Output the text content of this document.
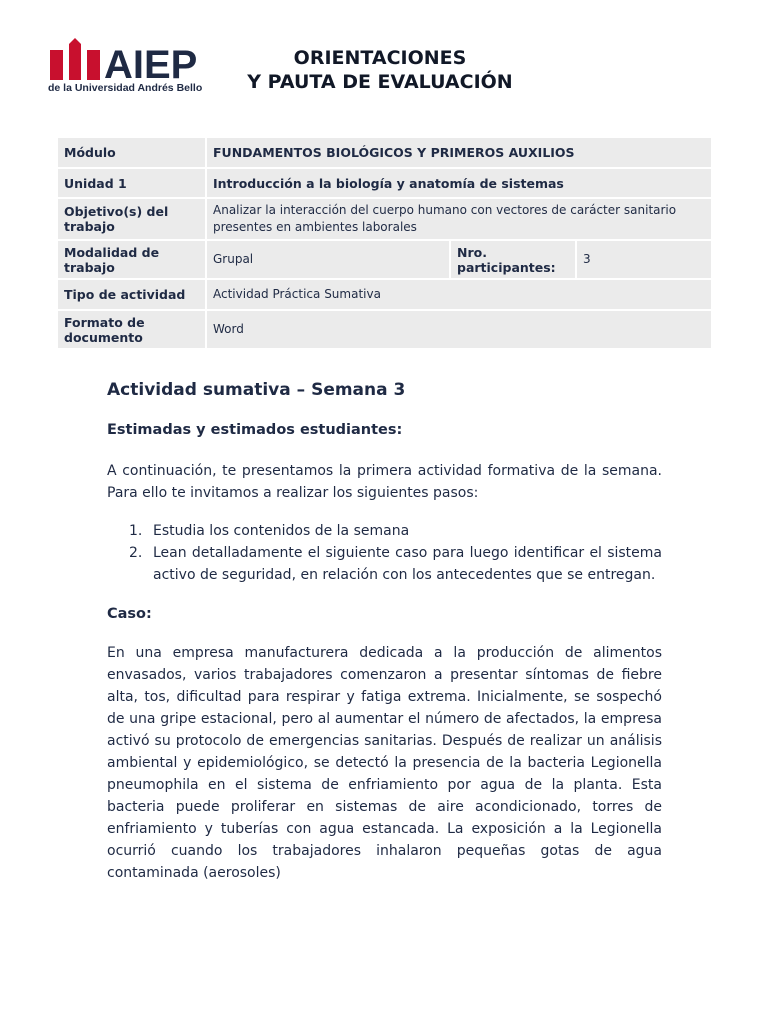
AIEP
de la Universidad Andrés Bello
ORIENTACIONES
Y PAUTA DE EVALUACIÓN
Módulo	FUNDAMENTOS BIOLÓGICOS Y PRIMEROS AUXILIOS		
Unidad 1	Introducción a la biología y anatomía de sistemas		
Objetivo(s) del trabajo	Analizar la interacción del cuerpo humano con vectores de carácter sanitario presentes en ambientes laborales		
Modalidad de trabajo	Grupal	Nro. participantes:	3
Tipo de actividad	Actividad Práctica Sumativa		
Formato de documento	Word		
Actividad sumativa – Semana 3
Estimadas y estimados estudiantes:

A continuación, te presentamos la primera actividad formativa de la semana. Para ello te invitamos a realizar los siguientes pasos:

1. Estudia los contenidos de la semana
2. Lean detalladamente el siguiente caso para luego identificar el sistema activo de seguridad, en relación con los antecedentes que se entregan.
Caso:

En una empresa manufacturera dedicada a la producción de alimentos envasados, varios trabajadores comenzaron a presentar síntomas de fiebre alta, tos, dificultad para respirar y fatiga extrema. Inicialmente, se sospechó de una gripe estacional, pero al aumentar el número de afectados, la empresa activó su protocolo de emergencias sanitarias. Después de realizar un análisis ambiental y epidemiológico, se detectó la presencia de la bacteria Legionella pneumophila en el sistema de enfriamiento por agua de la planta. Esta bacteria puede proliferar en sistemas de aire acondicionado, torres de enfriamiento y tuberías con agua estancada. La exposición a la Legionella ocurrió cuando los trabajadores inhalaron pequeñas gotas de agua contaminada (aerosoles)
